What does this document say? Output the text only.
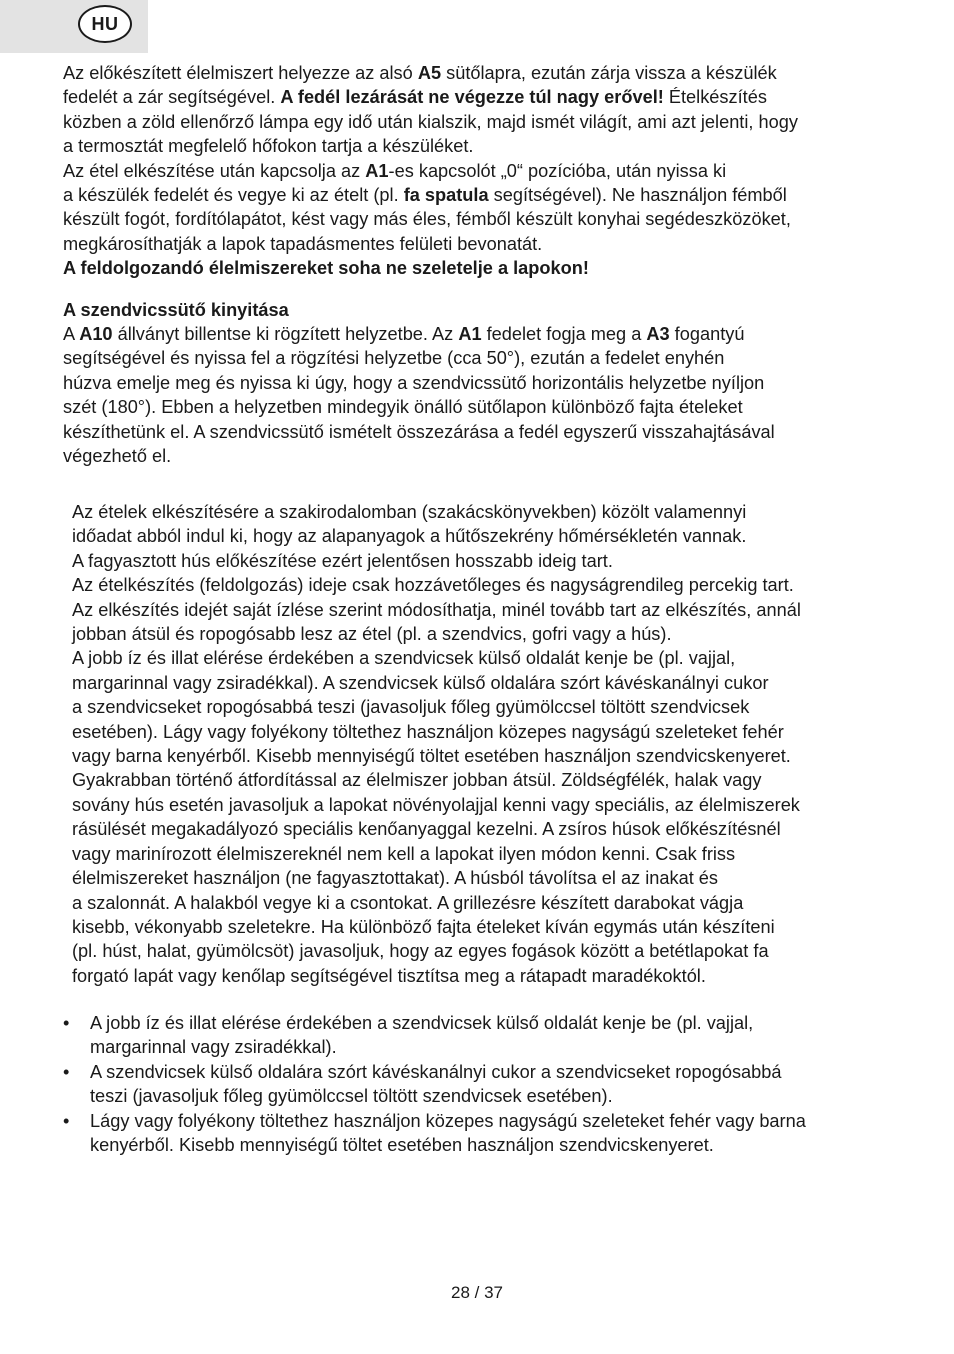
HU
Az előkészített élelmiszert helyezze az alsó A5 sütőlapra, ezután zárja vissza a készülék
fedelét a zár segítségével. A fedél lezárását ne végezze túl nagy erővel! Ételkészítés
közben a zöld ellenőrző lámpa egy idő után kialszik, majd ismét világít, ami azt jelenti, hogy
a termosztát megfelelő hőfokon tartja a készüléket.
Az étel elkészítése után kapcsolja az A1-es kapcsolót „0“ pozícióba, után nyissa ki
a készülék fedelét és vegye ki az ételt (pl. fa spatula segítségével). Ne használjon fémből
készült fogót, fordítólapátot, kést vagy más éles, fémből készült konyhai segédeszközöket,
megkárosíthatják a lapok tapadásmentes felületi bevonatát.
A feldolgozandó élelmiszereket soha ne szeletelje a lapokon!
A szendvicssütő kinyitása
A A10 állványt billentse ki rögzített helyzetbe. Az A1 fedelet fogja meg a A3 fogantyú
segítségével és nyissa fel a rögzítési helyzetbe (cca 50°), ezután a fedelet enyhén
húzva emelje meg és nyissa ki úgy, hogy a szendvicssütő horizontális helyzetbe nyíljon
szét (180°). Ebben a helyzetben mindegyik önálló sütőlapon különböző fajta ételeket
készíthetünk el. A szendvicssütő ismételt összezárása a fedél egyszerű visszahajtásával
végezhető el.
Az ételek elkészítésére a szakirodalomban (szakácskönyvekben) közölt valamennyi
időadat abból indul ki, hogy az alapanyagok a hűtőszekrény hőmérsékletén vannak.
A fagyasztott hús előkészítése ezért jelentősen hosszabb ideig tart.
Az ételkészítés (feldolgozás) ideje csak hozzávetőleges és nagyságrendileg percekig tart.
Az elkészítés idejét saját ízlése szerint módosíthatja, minél tovább tart az elkészítés, annál
jobban átsül és ropogósabb lesz az étel (pl. a szendvics, gofri vagy a hús).
A jobb íz és illat elérése érdekében a szendvicsek külső oldalát kenje be (pl. vajjal,
margarinnal vagy zsiradékkal). A szendvicsek külső oldalára szórt kávéskanálnyi cukor
a szendvicseket ropogósabbá teszi (javasoljuk főleg gyümölccsel töltött szendvicsek
esetében). Lágy vagy folyékony töltethez használjon közepes nagyságú szeleteket fehér
vagy barna kenyérből. Kisebb mennyiségű töltet esetében használjon szendvicskenyeret.
Gyakrabban történő átfordítással az élelmiszer jobban átsül. Zöldségfélék, halak vagy
sovány hús esetén javasoljuk a lapokat növényolajjal kenni vagy speciális, az élelmiszerek
rásülését megakadályozó speciális kenőanyaggal kezelni. A zsíros húsok előkészítésnél
vagy marinírozott élelmiszereknél nem kell a lapokat ilyen módon kenni. Csak friss
élelmiszereket használjon (ne fagyasztottakat). A húsból távolítsa el az inakat és
a szalonnát. A halakból vegye ki a csontokat. A grillezésre készített darabokat vágja
kisebb, vékonyabb szeletekre. Ha különböző fajta ételeket kíván egymás után készíteni
(pl. húst, halat, gyümölcsöt) javasoljuk, hogy az egyes fogások között a betétlapokat fa
forgató lapát vagy kenőlap segítségével tisztítsa meg a rátapadt maradékoktól.
• A jobb íz és illat elérése érdekében a szendvicsek külső oldalát kenje be (pl. vajjal,
margarinnal vagy zsiradékkal).
• A szendvicsek külső oldalára szórt kávéskanálnyi cukor a szendvicseket ropogósabbá
teszi (javasoljuk főleg gyümölccsel töltött szendvicsek esetében).
• Lágy vagy folyékony töltethez használjon közepes nagyságú szeleteket fehér vagy barna
kenyérből. Kisebb mennyiségű töltet esetében használjon szendvicskenyeret.
28 / 37
